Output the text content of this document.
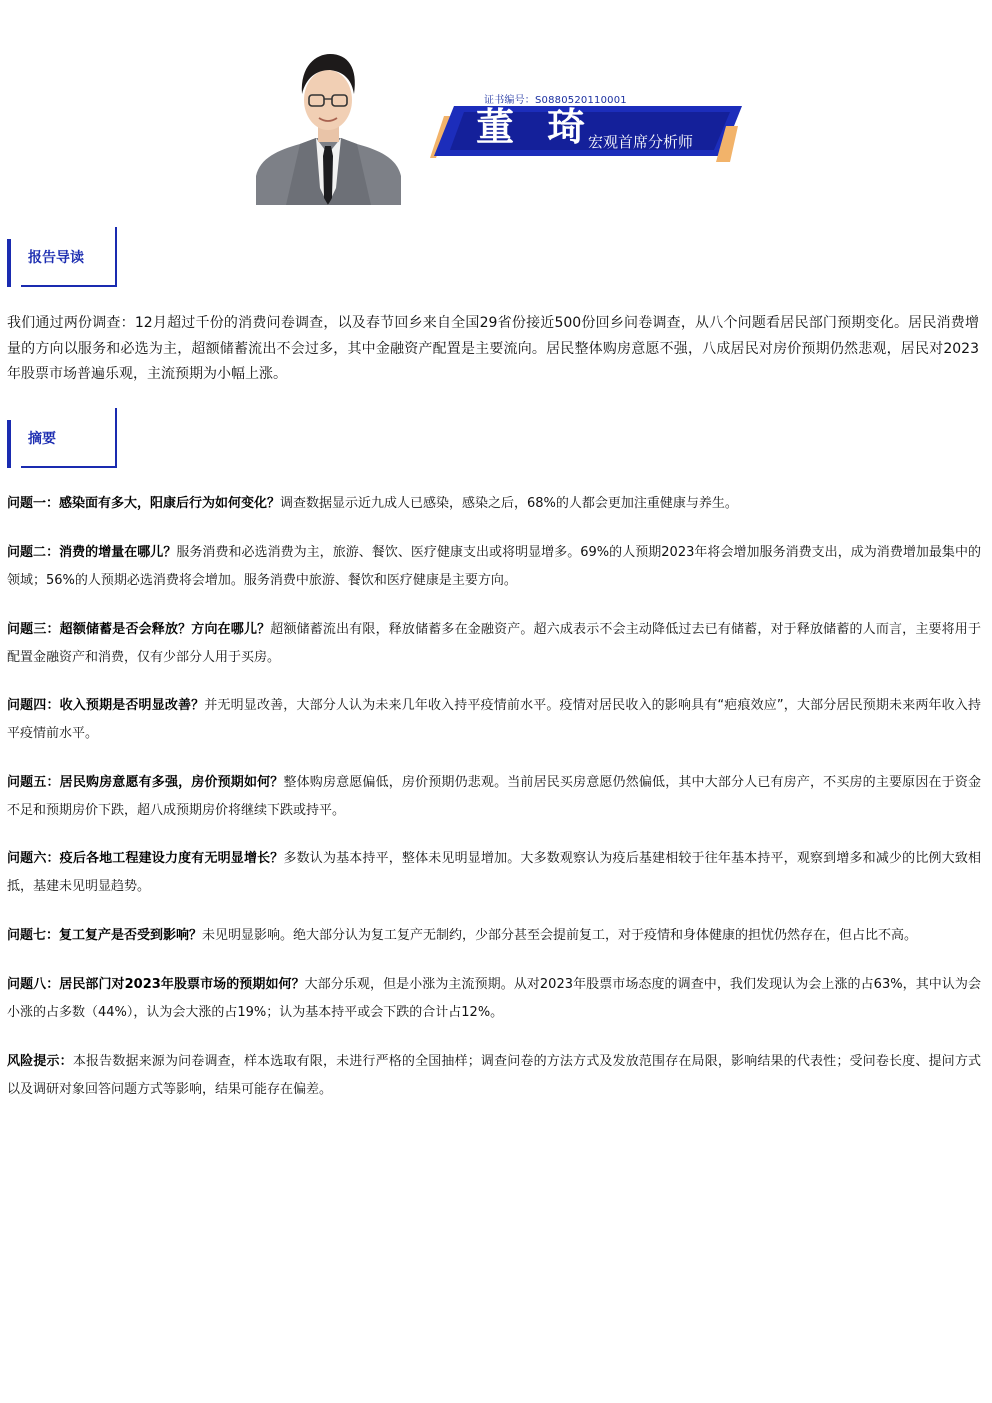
证书编号：S0880520110001
董 琦
宏观首席分析师
报告导读
我们通过两份调查：12月超过千份的消费问卷调查，以及春节回乡来自全国29省份接近500份回乡问卷调查，从八个问题看居民部门预期变化。居民消费增量的方向以服务和必选为主，超额储蓄流出不会过多，其中金融资产配置是主要流向。居民整体购房意愿不强，八成居民对房价预期仍然悲观，居民对2023年股票市场普遍乐观，主流预期为小幅上涨。
摘要
问题一：感染面有多大，阳康后行为如何变化？调查数据显示近九成人已感染，感染之后，68%的人都会更加注重健康与养生。
问题二：消费的增量在哪儿？服务消费和必选消费为主，旅游、餐饮、医疗健康支出或将明显增多。69%的人预期2023年将会增加服务消费支出，成为消费增加最集中的领域；56%的人预期必选消费将会增加。服务消费中旅游、餐饮和医疗健康是主要方向。
问题三：超额储蓄是否会释放？方向在哪儿？超额储蓄流出有限，释放储蓄多在金融资产。超六成表示不会主动降低过去已有储蓄，对于释放储蓄的人而言，主要将用于配置金融资产和消费，仅有少部分人用于买房。
问题四：收入预期是否明显改善？并无明显改善，大部分人认为未来几年收入持平疫情前水平。疫情对居民收入的影响具有“疤痕效应”，大部分居民预期未来两年收入持平疫情前水平。
问题五：居民购房意愿有多强，房价预期如何？整体购房意愿偏低，房价预期仍悲观。当前居民买房意愿仍然偏低，其中大部分人已有房产，不买房的主要原因在于资金不足和预期房价下跌，超八成预期房价将继续下跌或持平。
问题六：疫后各地工程建设力度有无明显增长？多数认为基本持平，整体未见明显增加。大多数观察认为疫后基建相较于往年基本持平，观察到增多和减少的比例大致相抵，基建未见明显趋势。
问题七：复工复产是否受到影响？未见明显影响。绝大部分认为复工复产无制约，少部分甚至会提前复工，对于疫情和身体健康的担忧仍然存在，但占比不高。
问题八：居民部门对2023年股票市场的预期如何？大部分乐观，但是小涨为主流预期。从对2023年股票市场态度的调查中，我们发现认为会上涨的占63%，其中认为会小涨的占多数（44%），认为会大涨的占19%；认为基本持平或会下跌的合计占12%。
风险提示：本报告数据来源为问卷调查，样本选取有限，未进行严格的全国抽样；调查问卷的方法方式及发放范围存在局限，影响结果的代表性；受问卷长度、提问方式以及调研对象回答问题方式等影响，结果可能存在偏差。
